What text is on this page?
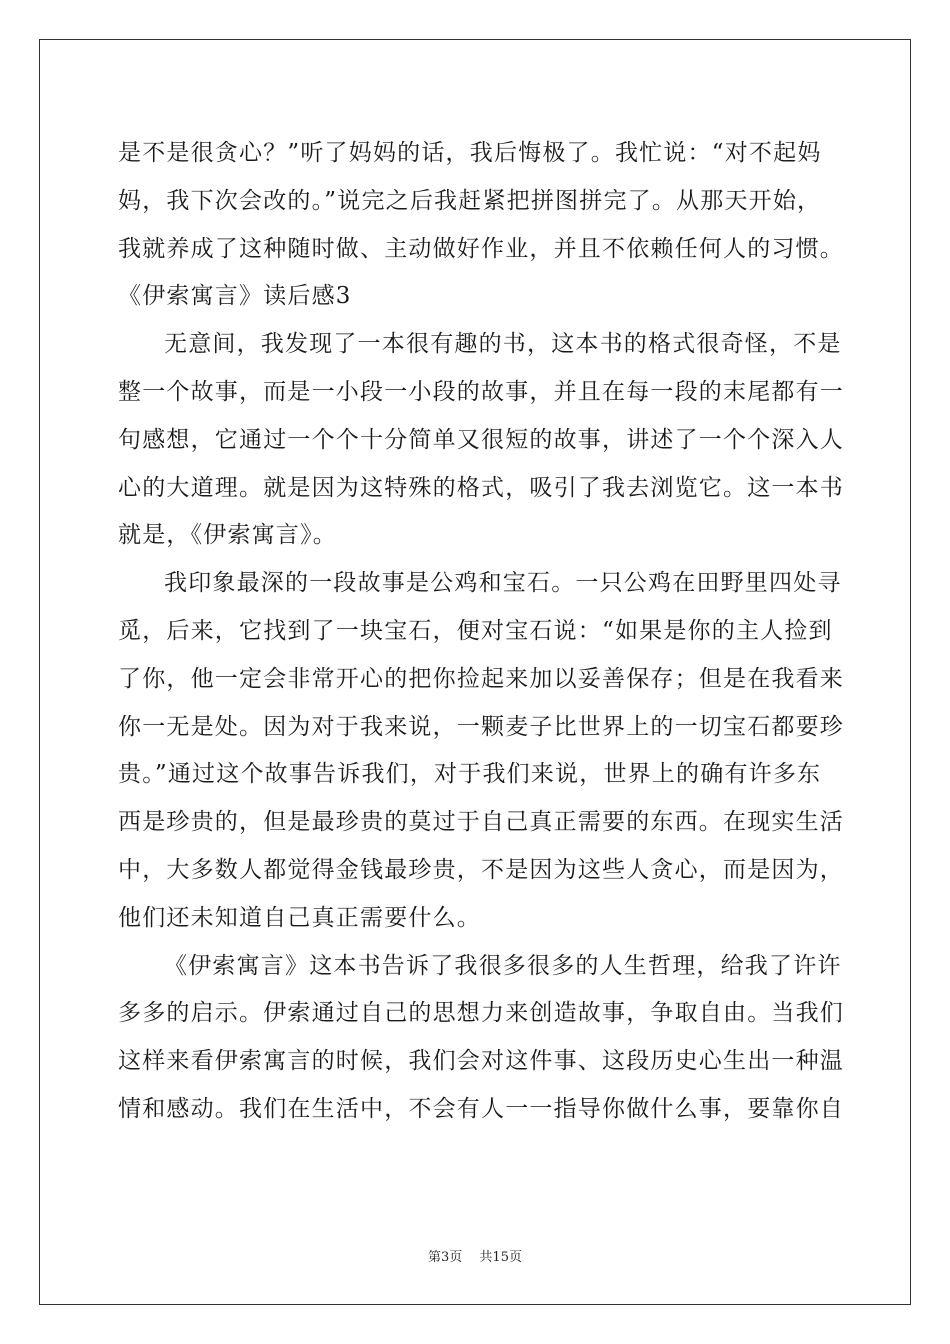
是不是很贪心？”听了妈妈的话，我后悔极了。我忙说：“对不起妈
妈，我下次会改的。”说完之后我赶紧把拼图拼完了。从那天开始，
我就养成了这种随时做、主动做好作业，并且不依赖任何人的习惯。
《伊索寓言》读后感3
无意间，我发现了一本很有趣的书，这本书的格式很奇怪，不是
整一个故事，而是一小段一小段的故事，并且在每一段的末尾都有一
句感想，它通过一个个十分简单又很短的故事，讲述了一个个深入人
心的大道理。就是因为这特殊的格式，吸引了我去浏览它。这一本书
就是，《伊索寓言》。
我印象最深的一段故事是公鸡和宝石。一只公鸡在田野里四处寻
觅，后来，它找到了一块宝石，便对宝石说：“如果是你的主人捡到
了你，他一定会非常开心的把你捡起来加以妥善保存；但是在我看来
你一无是处。因为对于我来说，一颗麦子比世界上的一切宝石都要珍
贵。”通过这个故事告诉我们，对于我们来说，世界上的确有许多东
西是珍贵的，但是最珍贵的莫过于自己真正需要的东西。在现实生活
中，大多数人都觉得金钱最珍贵，不是因为这些人贪心，而是因为，
他们还未知道自己真正需要什么。
《伊索寓言》这本书告诉了我很多很多的人生哲理，给我了许许
多多的启示。伊索通过自己的思想力来创造故事，争取自由。当我们
这样来看伊索寓言的时候，我们会对这件事、这段历史心生出一种温
情和感动。我们在生活中，不会有人一一指导你做什么事，要靠你自
第3页　 共15页
